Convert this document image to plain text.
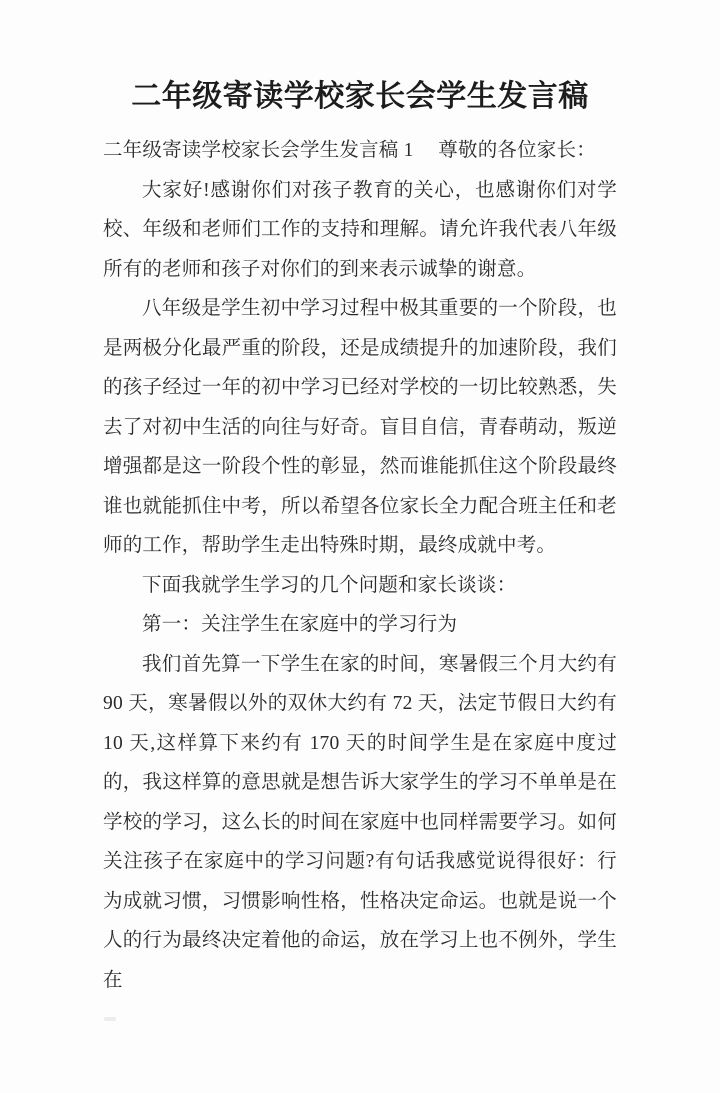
二年级寄读学校家长会学生发言稿

二年级寄读学校家长会学生发言稿 1　 尊敬的各位家长：

大家好!感谢你们对孩子教育的关心，也感谢你们对学校、年级和老师们工作的支持和理解。请允许我代表八年级所有的老师和孩子对你们的到来表示诚挚的谢意。

八年级是学生初中学习过程中极其重要的一个阶段，也是两极分化最严重的阶段，还是成绩提升的加速阶段，我们的孩子经过一年的初中学习已经对学校的一切比较熟悉，失去了对初中生活的向往与好奇。盲目自信，青春萌动，叛逆增强都是这一阶段个性的彰显，然而谁能抓住这个阶段最终谁也就能抓住中考，所以希望各位家长全力配合班主任和老师的工作，帮助学生走出特殊时期，最终成就中考。

下面我就学生学习的几个问题和家长谈谈：

第一：关注学生在家庭中的学习行为

我们首先算一下学生在家的时间，寒暑假三个月大约有 90 天，寒暑假以外的双休大约有 72 天，法定节假日大约有 10 天,这样算下来约有 170 天的时间学生是在家庭中度过的，我这样算的意思就是想告诉大家学生的学习不单单是在学校的学习，这么长的时间在家庭中也同样需要学习。如何关注孩子在家庭中的学习问题?有句话我感觉说得很好：行为成就习惯，习惯影响性格，性格决定命运。也就是说一个人的行为最终决定着他的命运，放在学习上也不例外，学生在
